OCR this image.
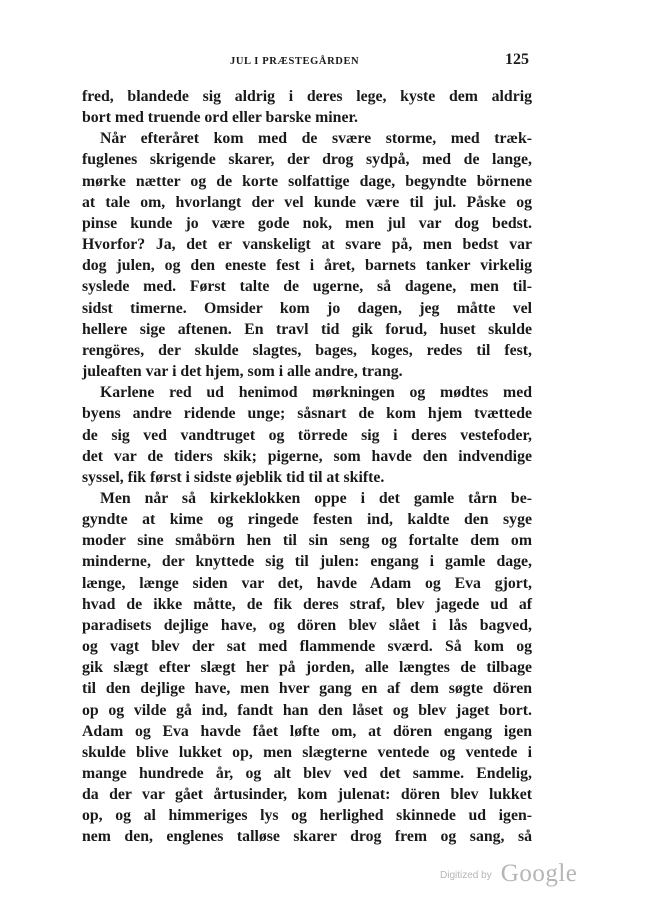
JUL I PRÆSTEGÅRDEN	125
fred, blandede sig aldrig i deres lege, kyste dem aldrig
bort med truende ord eller barske miner.
Når efteråret kom med de svære storme, med træk-
fuglenes skrigende skarer, der drog sydpå, med de lange,
mørke nætter og de korte solfattige dage, begyndte börnene
at tale om, hvorlangt der vel kunde være til jul. Påske og
pinse kunde jo være gode nok, men jul var dog bedst.
Hvorfor? Ja, det er vanskeligt at svare på, men bedst var
dog julen, og den eneste fest i året, barnets tanker virkelig
syslede med. Først talte de ugerne, så dagene, men til-
sidst timerne. Omsider kom jo dagen, jeg måtte vel
hellere sige aftenen. En travl tid gik forud, huset skulde
rengöres, der skulde slagtes, bages, koges, redes til fest,
juleaften var i det hjem, som i alle andre, trang.
Karlene red ud henimod mørkningen og mødtes med
byens andre ridende unge; såsnart de kom hjem tvættede
de sig ved vandtruget og törrede sig i deres vestefoder,
det var de tiders skik; pigerne, som havde den indvendige
syssel, fik først i sidste øjeblik tid til at skifte.
Men når så kirkeklokken oppe i det gamle tårn be-
gyndte at kime og ringede festen ind, kaldte den syge
moder sine småbörn hen til sin seng og fortalte dem om
minderne, der knyttede sig til julen: engang i gamle dage,
længe, længe siden var det, havde Adam og Eva gjort,
hvad de ikke måtte, de fik deres straf, blev jagede ud af
paradisets dejlige have, og dören blev slået i lås bagved,
og vagt blev der sat med flammende sværd. Så kom og
gik slægt efter slægt her på jorden, alle længtes de tilbage
til den dejlige have, men hver gang en af dem søgte dören
op og vilde gå ind, fandt han den låset og blev jaget bort.
Adam og Eva havde fået løfte om, at dören engang igen
skulde blive lukket op, men slægterne ventede og ventede i
mange hundrede år, og alt blev ved det samme. Endelig,
da der var gået årtusinder, kom julenat: dören blev lukket
op, og al himmeriges lys og herlighed skinnede ud igen-
nem den, englenes talløse skarer drog frem og sang, så
Digitized by Google
